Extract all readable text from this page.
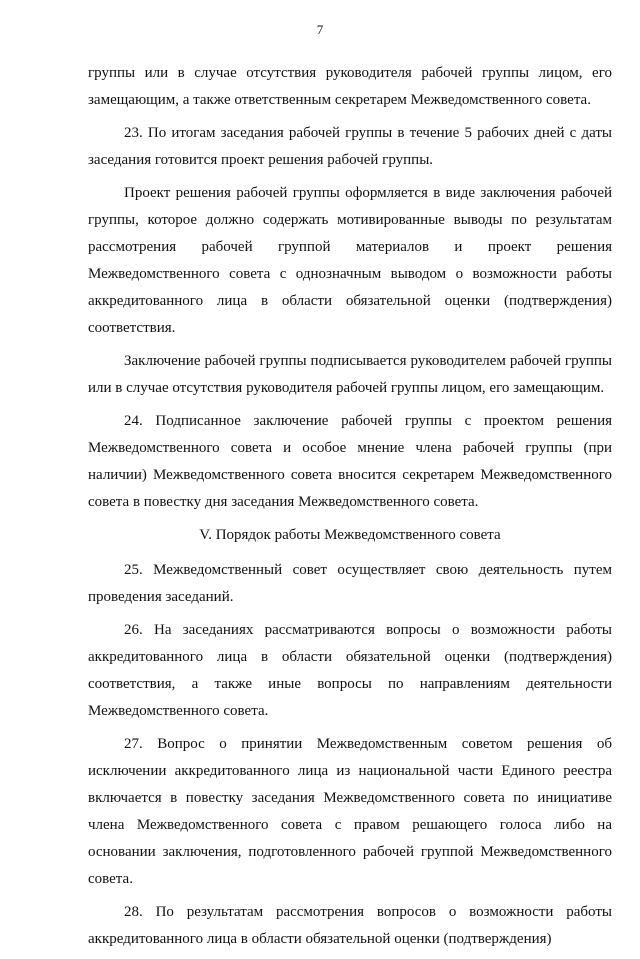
7

группы или в случае отсутствия руководителя рабочей группы лицом, его замещающим, а также ответственным секретарем Межведомственного совета.

23. По итогам заседания рабочей группы в течение 5 рабочих дней с даты заседания готовится проект решения рабочей группы.

Проект решения рабочей группы оформляется в виде заключения рабочей группы, которое должно содержать мотивированные выводы по результатам рассмотрения рабочей группой материалов и проект решения Межведомственного совета с однозначным выводом о возможности работы аккредитованного лица в области обязательной оценки (подтверждения) соответствия.

Заключение рабочей группы подписывается руководителем рабочей группы или в случае отсутствия руководителя рабочей группы лицом, его замещающим.

24. Подписанное заключение рабочей группы с проектом решения Межведомственного совета и особое мнение члена рабочей группы (при наличии) Межведомственного совета вносится секретарем Межведомственного совета в повестку дня заседания Межведомственного совета.

V. Порядок работы Межведомственного совета

25. Межведомственный совет осуществляет свою деятельность путем проведения заседаний.

26. На заседаниях рассматриваются вопросы о возможности работы аккредитованного лица в области обязательной оценки (подтверждения) соответствия, а также иные вопросы по направлениям деятельности Межведомственного совета.

27. Вопрос о принятии Межведомственным советом решения об исключении аккредитованного лица из национальной части Единого реестра включается в повестку заседания Межведомственного совета по инициативе члена Межведомственного совета с правом решающего голоса либо на основании заключения, подготовленного рабочей группой Межведомственного совета.

28. По результатам рассмотрения вопросов о возможности работы аккредитованного лица в области обязательной оценки (подтверждения)
